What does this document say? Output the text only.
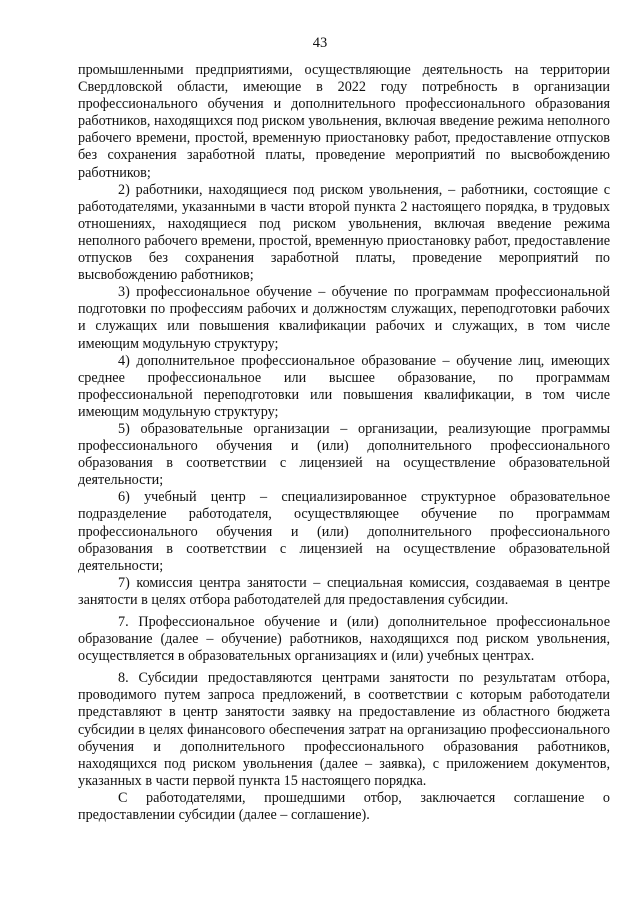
43

промышленными предприятиями, осуществляющие деятельность на территории Свердловской области, имеющие в 2022 году потребность в организации профессионального обучения и дополнительного профессионального образования работников, находящихся под риском увольнения, включая введение режима неполного рабочего времени, простой, временную приостановку работ, предоставление отпусков без сохранения заработной платы, проведение мероприятий по высвобождению работников;

2) работники, находящиеся под риском увольнения, – работники, состоящие с работодателями, указанными в части второй пункта 2 настоящего порядка, в трудовых отношениях, находящиеся под риском увольнения, включая введение режима неполного рабочего времени, простой, временную приостановку работ, предоставление отпусков без сохранения заработной платы, проведение мероприятий по высвобождению работников;

3) профессиональное обучение – обучение по программам профессиональной подготовки по профессиям рабочих и должностям служащих, переподготовки рабочих и служащих или повышения квалификации рабочих и служащих, в том числе имеющим модульную структуру;

4) дополнительное профессиональное образование – обучение лиц, имеющих среднее профессиональное или высшее образование, по программам профессиональной переподготовки или повышения квалификации, в том числе имеющим модульную структуру;

5) образовательные организации – организации, реализующие программы профессионального обучения и (или) дополнительного профессионального образования в соответствии с лицензией на осуществление образовательной деятельности;

6) учебный центр – специализированное структурное образовательное подразделение работодателя, осуществляющее обучение по программам профессионального обучения и (или) дополнительного профессионального образования в соответствии с лицензией на осуществление образовательной деятельности;

7) комиссия центра занятости – специальная комиссия, создаваемая в центре занятости в целях отбора работодателей для предоставления субсидии.

7. Профессиональное обучение и (или) дополнительное профессиональное образование (далее – обучение) работников, находящихся под риском увольнения, осуществляется в образовательных организациях и (или) учебных центрах.

8. Субсидии предоставляются центрами занятости по результатам отбора, проводимого путем запроса предложений, в соответствии с которым работодатели представляют в центр занятости заявку на предоставление из областного бюджета субсидии в целях финансового обеспечения затрат на организацию профессионального обучения и дополнительного профессионального образования работников, находящихся под риском увольнения (далее – заявка), с приложением документов, указанных в части первой пункта 15 настоящего порядка.

С работодателями, прошедшими отбор, заключается соглашение о предоставлении субсидии (далее – соглашение).
